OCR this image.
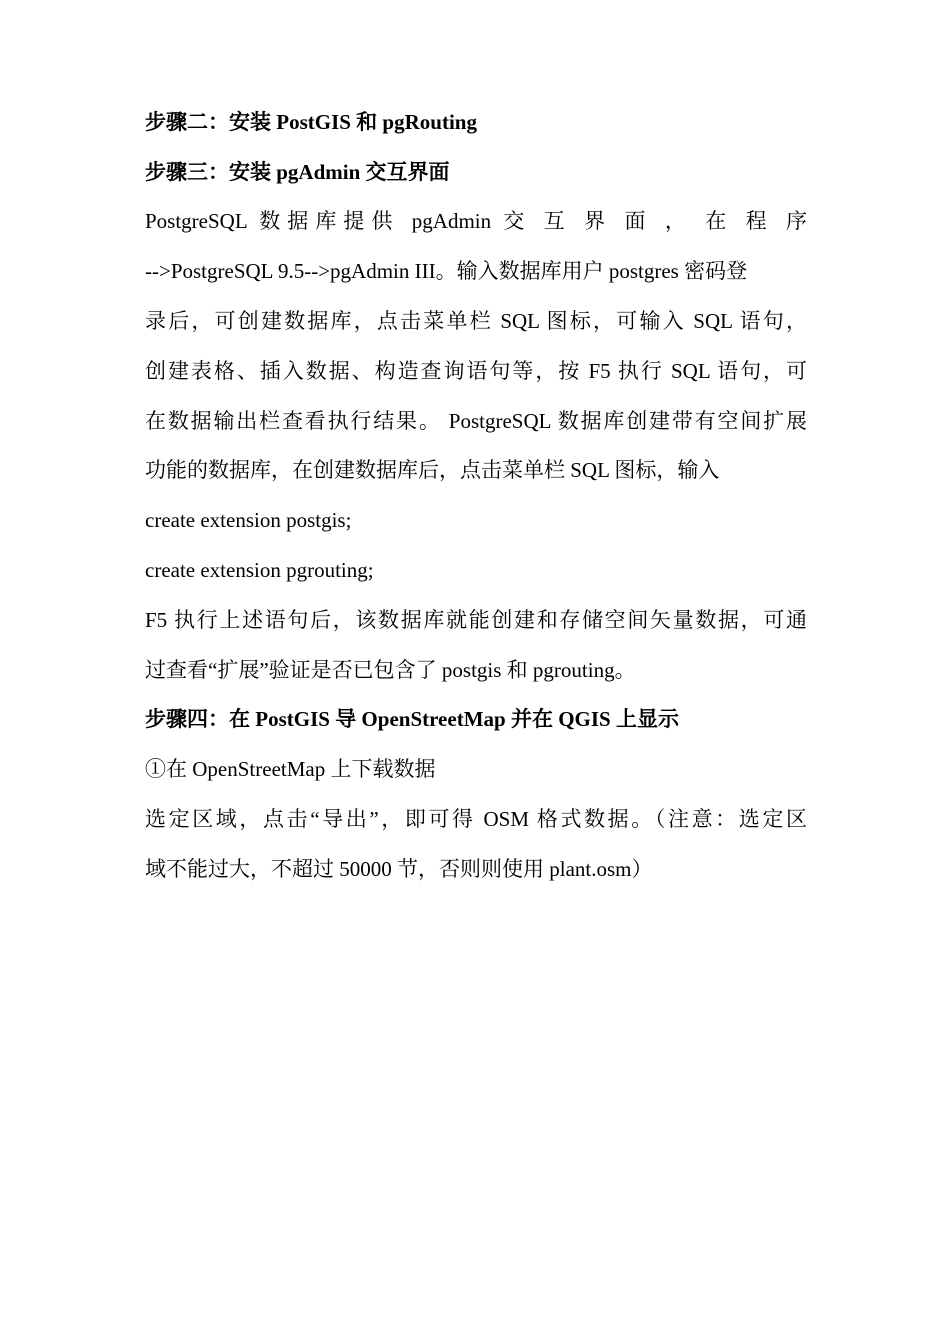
步骤二：安装 PostGIS 和 pgRouting
步骤三：安装 pgAdmin 交互界面
PostgreSQL 数据库提供 pgAdmin 交 互 界 面 ， 在 程 序
-->PostgreSQL 9.5-->pgAdmin III。输入数据库用户 postgres 密码登
录后，可创建数据库，点击菜单栏 SQL 图标，可输入 SQL 语句，
创建表格、插入数据、构造查询语句等，按 F5 执行 SQL 语句，可
在数据输出栏查看执行结果。 PostgreSQL 数据库创建带有空间扩展
功能的数据库，在创建数据库后，点击菜单栏 SQL 图标，输入
create extension postgis;
create extension pgrouting;
F5 执行上述语句后，该数据库就能创建和存储空间矢量数据，可通
过查看“扩展”验证是否已包含了 postgis 和 pgrouting。
步骤四：在 PostGIS 导 OpenStreetMap 并在 QGIS 上显示
①在 OpenStreetMap 上下载数据
选定区域，点击“导出”，即可得 OSM 格式数据。（注意：选定区
域不能过大，不超过 50000 节，否则则使用 plant.osm）
